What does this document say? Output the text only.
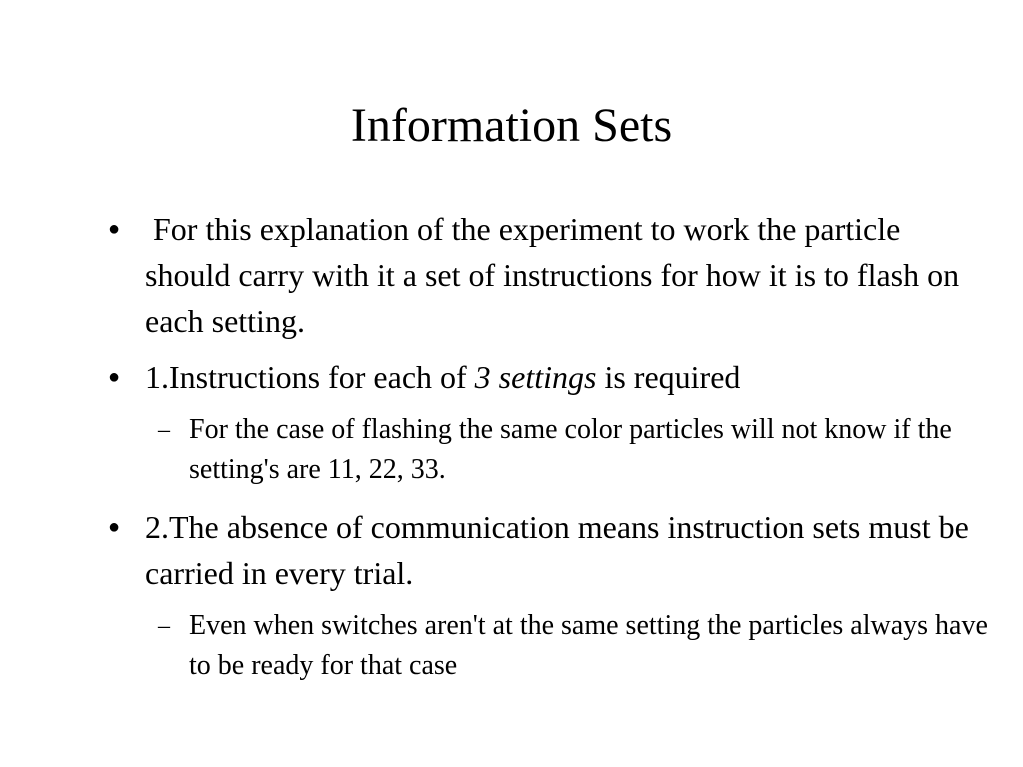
Information Sets
● For this explanation of the experiment to work the particle should carry with it a set of instructions for how it is to flash on each setting.
● 1.Instructions for each of 3 settings is required
– For the case of flashing the same color particles will not know if the setting's are 11, 22, 33.
● 2.The absence of communication means instruction sets must be carried in every trial.
– Even when switches aren't at the same setting the particles always have to be ready for that case
